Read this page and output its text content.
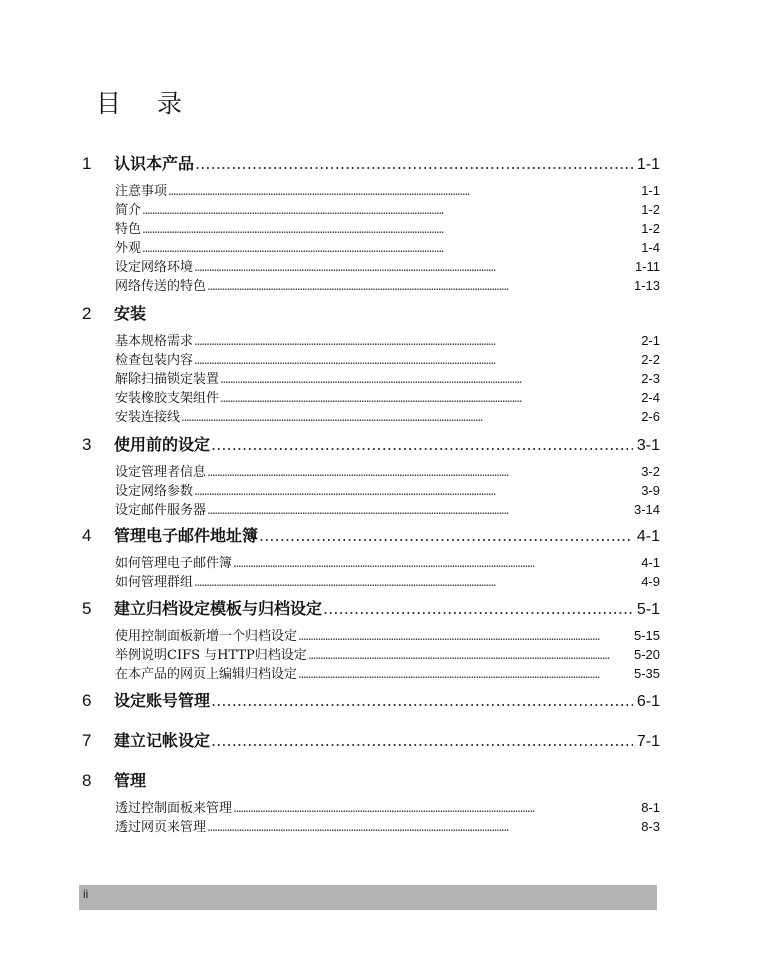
目 录
1	认识本产品 . . .	1-1
注意事项 . . .	1-1
简介 . . .	1-2
特色 . . .	1-2
外观 . . .	1-4
设定网络环境 . . .	1-11
网络传送的特色 . . .	1-13
2	安装
基本规格需求 . . .	2-1
检查包装内容 . . .	2-2
解除扫描锁定装置 . . .	2-3
安装橡胶支架组件 . . .	2-4
安装连接线 . . .	2-6
3	使用前的设定 . . .	3-1
设定管理者信息 . . .	3-2
设定网络参数 . . .	3-9
设定邮件服务器 . . .	3-14
4	管理电子邮件地址簿 . . .	4-1
如何管理电子邮件簿 . . .	4-1
如何管理群组 . . .	4-9
5	建立归档设定模板与归档设定 . . .	5-1
使用控制面板新增一个归档设定 . . .	5-15
举例说明CIFS 与HTTP归档设定 . . .	5-20
在本产品的网页上编辑归档设定 . . .	5-35
6	设定账号管理 . . .	6-1
7	建立记帐设定 . . .	7-1
8	管理
透过控制面板来管理 . . .	8-1
透过网页来管理 . . .	8-3
ii
